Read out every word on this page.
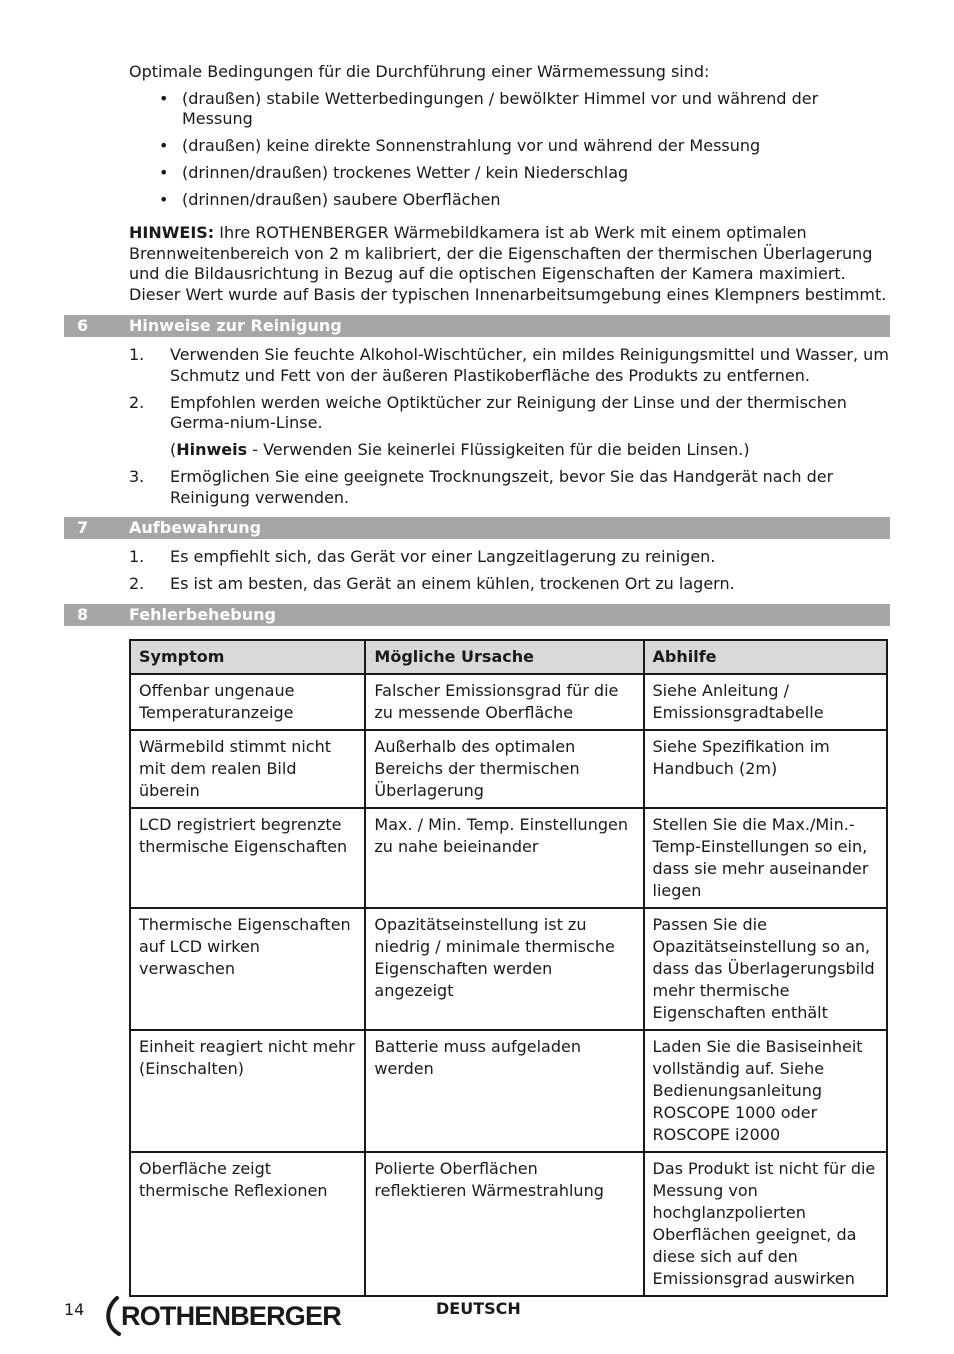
Optimale Bedingungen für die Durchführung einer Wärmemessung sind:
• (draußen) stabile Wetterbedingungen / bewölkter Himmel vor und während der Messung
• (draußen) keine direkte Sonnenstrahlung vor und während der Messung
• (drinnen/draußen) trockenes Wetter / kein Niederschlag
• (drinnen/draußen) saubere Oberflächen
HINWEIS: Ihre ROTHENBERGER Wärmebildkamera ist ab Werk mit einem optimalen Brennweitenbereich von 2 m kalibriert, der die Eigenschaften der thermischen Überlagerung und die Bildausrichtung in Bezug auf die optischen Eigenschaften der Kamera maximiert. Dieser Wert wurde auf Basis der typischen Innenarbeitsumgebung eines Klempners bestimmt.
6	Hinweise zur Reinigung
1. Verwenden Sie feuchte Alkohol-Wischtücher, ein mildes Reinigungsmittel und Wasser, um Schmutz und Fett von der äußeren Plastikoberfläche des Produkts zu entfernen.
2. Empfohlen werden weiche Optiktücher zur Reinigung der Linse und der thermischen Germa-nium-Linse.
(Hinweis - Verwenden Sie keinerlei Flüssigkeiten für die beiden Linsen.)
3. Ermöglichen Sie eine geeignete Trocknungszeit, bevor Sie das Handgerät nach der Reinigung verwenden.
7	Aufbewahrung
1. Es empfiehlt sich, das Gerät vor einer Langzeitlagerung zu reinigen.
2. Es ist am besten, das Gerät an einem kühlen, trockenen Ort zu lagern.
8	Fehlerbehebung
Symptom	Mögliche Ursache	Abhilfe
Offenbar ungenaue Temperaturanzeige	Falscher Emissionsgrad für die zu messende Oberfläche	Siehe Anleitung / Emissionsgradtabelle
Wärmebild stimmt nicht mit dem realen Bild überein	Außerhalb des optimalen Bereichs der thermischen Überlagerung	Siehe Spezifikation im Handbuch (2m)
LCD registriert begrenzte thermische Eigenschaften	Max. / Min. Temp. Einstellungen zu nahe beieinander	Stellen Sie die Max./Min.-Temp-Einstellungen so ein, dass sie mehr auseinander liegen
Thermische Eigenschaften auf LCD wirken verwaschen	Opazitätseinstellung ist zu niedrig / minimale thermische Eigenschaften werden angezeigt	Passen Sie die Opazitätseinstellung so an, dass das Überlagerungsbild mehr thermische Eigenschaften enthält
Einheit reagiert nicht mehr (Einschalten)	Batterie muss aufgeladen werden	Laden Sie die Basiseinheit vollständig auf. Siehe Bedienungsanleitung ROSCOPE 1000 oder ROSCOPE i2000
Oberfläche zeigt thermische Reflexionen	Polierte Oberflächen reflektieren Wärmestrahlung	Das Produkt ist nicht für die Messung von hochglanzpolierten Oberflächen geeignet, da diese sich auf den Emissionsgrad auswirken
14 ROTHENBERGER	DEUTSCH
